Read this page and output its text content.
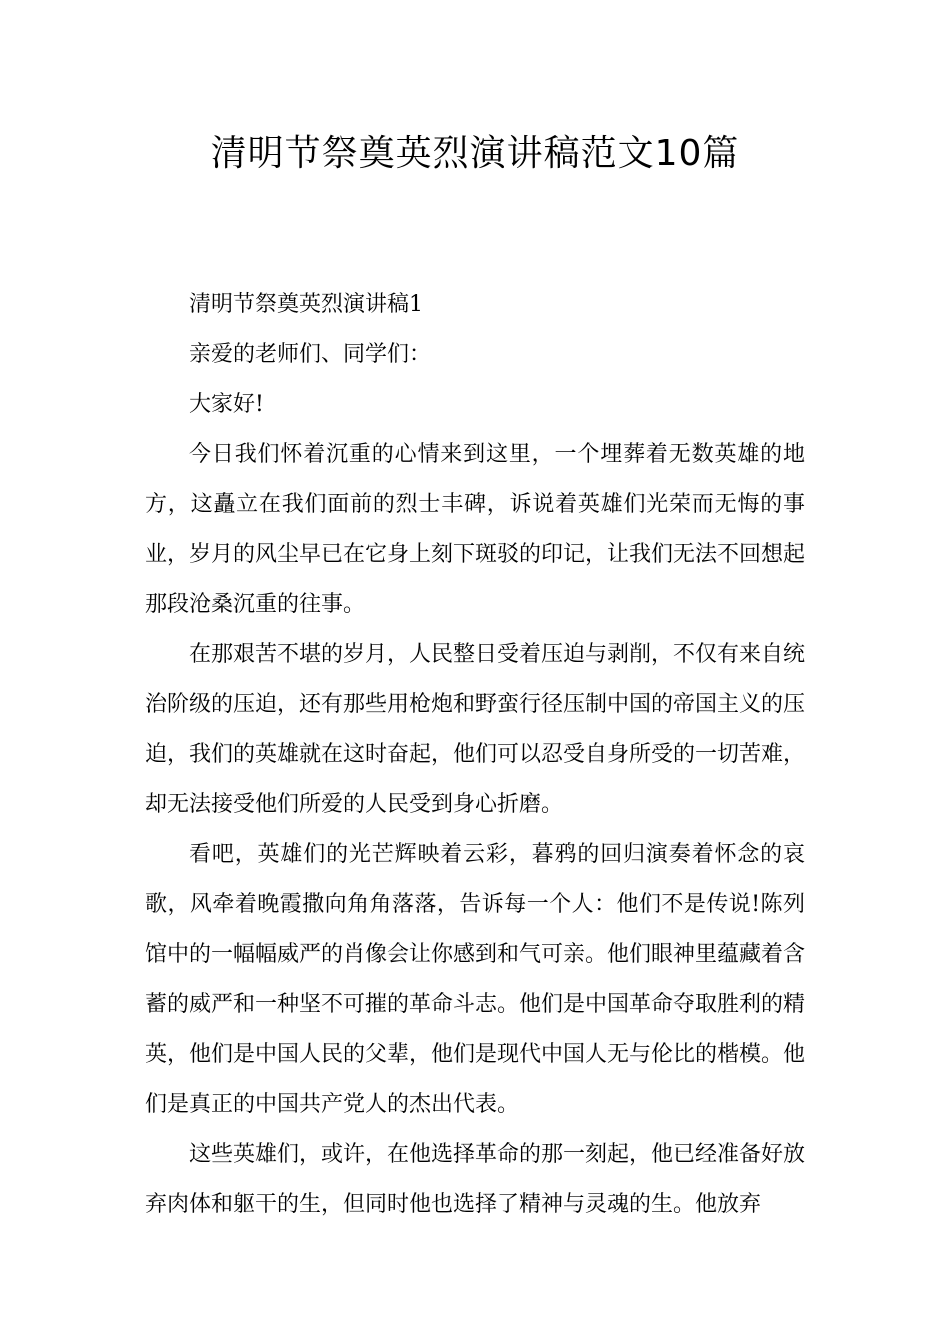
清明节祭奠英烈演讲稿范文10篇

清明节祭奠英烈演讲稿1

亲爱的老师们、同学们：

大家好!

今日我们怀着沉重的心情来到这里，一个埋葬着无数英雄的地方，这矗立在我们面前的烈士丰碑，诉说着英雄们光荣而无悔的事业，岁月的风尘早已在它身上刻下斑驳的印记，让我们无法不回想起那段沧桑沉重的往事。

在那艰苦不堪的岁月，人民整日受着压迫与剥削，不仅有来自统治阶级的压迫，还有那些用枪炮和野蛮行径压制中国的帝国主义的压迫，我们的英雄就在这时奋起，他们可以忍受自身所受的一切苦难，却无法接受他们所爱的人民受到身心折磨。

看吧，英雄们的光芒辉映着云彩，暮鸦的回归演奏着怀念的哀歌，风牵着晚霞撒向角角落落，告诉每一个人：他们不是传说!陈列馆中的一幅幅威严的肖像会让你感到和气可亲。他们眼神里蕴藏着含蓄的威严和一种坚不可摧的革命斗志。他们是中国革命夺取胜利的精英，他们是中国人民的父辈，他们是现代中国人无与伦比的楷模。他们是真正的中国共产党人的杰出代表。

这些英雄们，或许，在他选择革命的那一刻起，他已经准备好放弃肉体和躯干的生，但同时他也选择了精神与灵魂的生。他放弃
